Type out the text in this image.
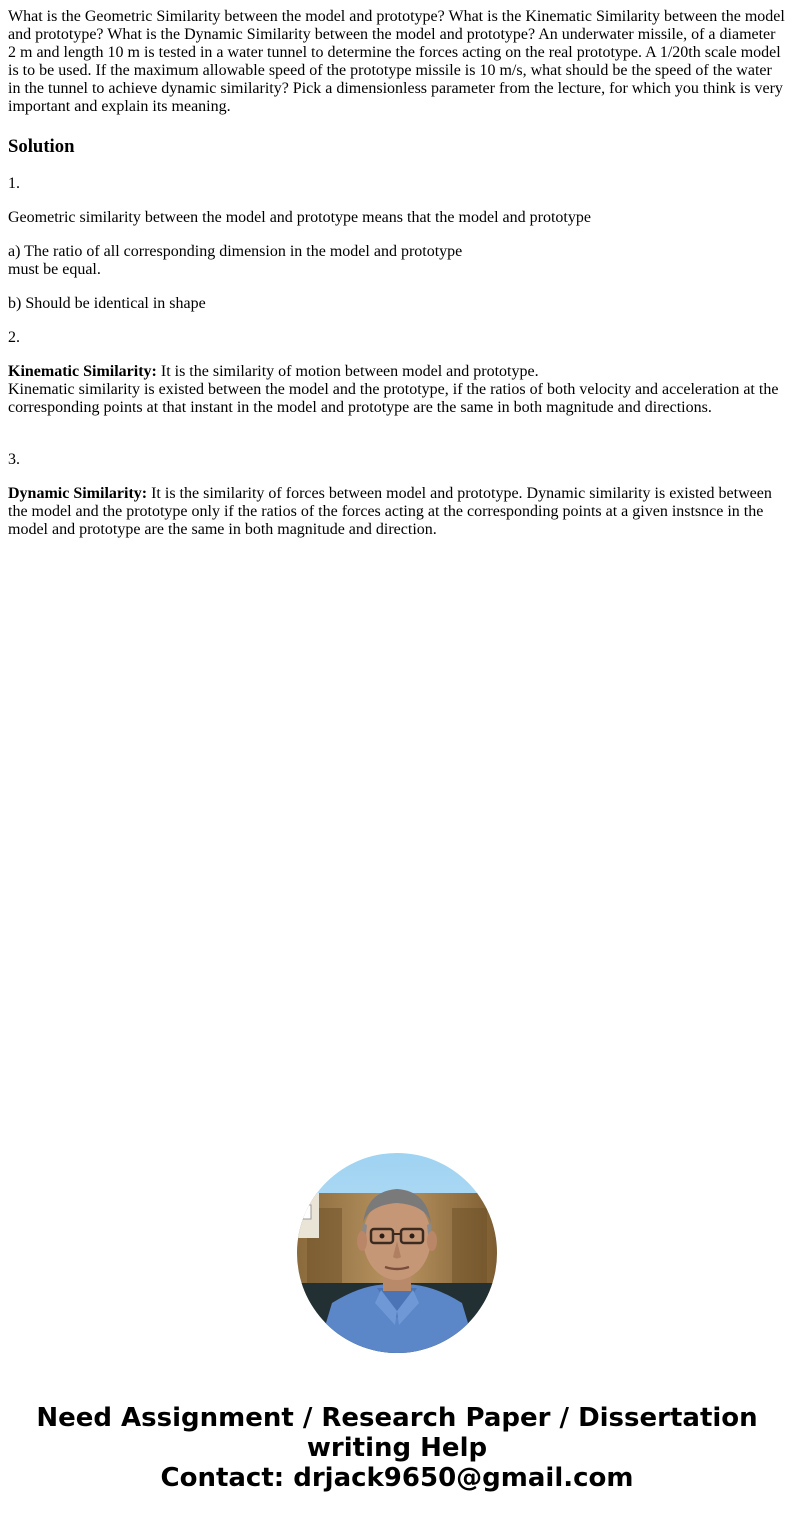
What is the Geometric Similarity between the model and prototype? What is the Kinematic Similarity between the model and prototype? What is the Dynamic Similarity between the model and prototype? An underwater missile, of a diameter 2 m and length 10 m is tested in a water tunnel to determine the forces acting on the real prototype. A 1/20th scale model is to be used. If the maximum allowable speed of the prototype missile is 10 m/s, what should be the speed of the water in the tunnel to achieve dynamic similarity? Pick a dimensionless parameter from the lecture, for which you think is very important and explain its meaning.
Solution

1.

Geometric similarity between the model and prototype means that the model and prototype

a) The ratio of all corresponding dimension in the model and prototype
must be equal.

b) Should be identical in shape

2.

Kinematic Similarity: It is the similarity of motion between model and prototype.
Kinematic similarity is existed between the model and the prototype, if the ratios of both velocity and acceleration at the corresponding points at that instant in the model and prototype are the same in both magnitude and directions.

3.

Dynamic Similarity: It is the similarity of forces between model and prototype. Dynamic similarity is existed between the model and the prototype only if the ratios of the forces acting at the corresponding points at a given instsnce in the model and prototype are the same in both magnitude and direction.

Need Assignment / Research Paper / Dissertation
writing Help
Contact: drjack9650@gmail.com
